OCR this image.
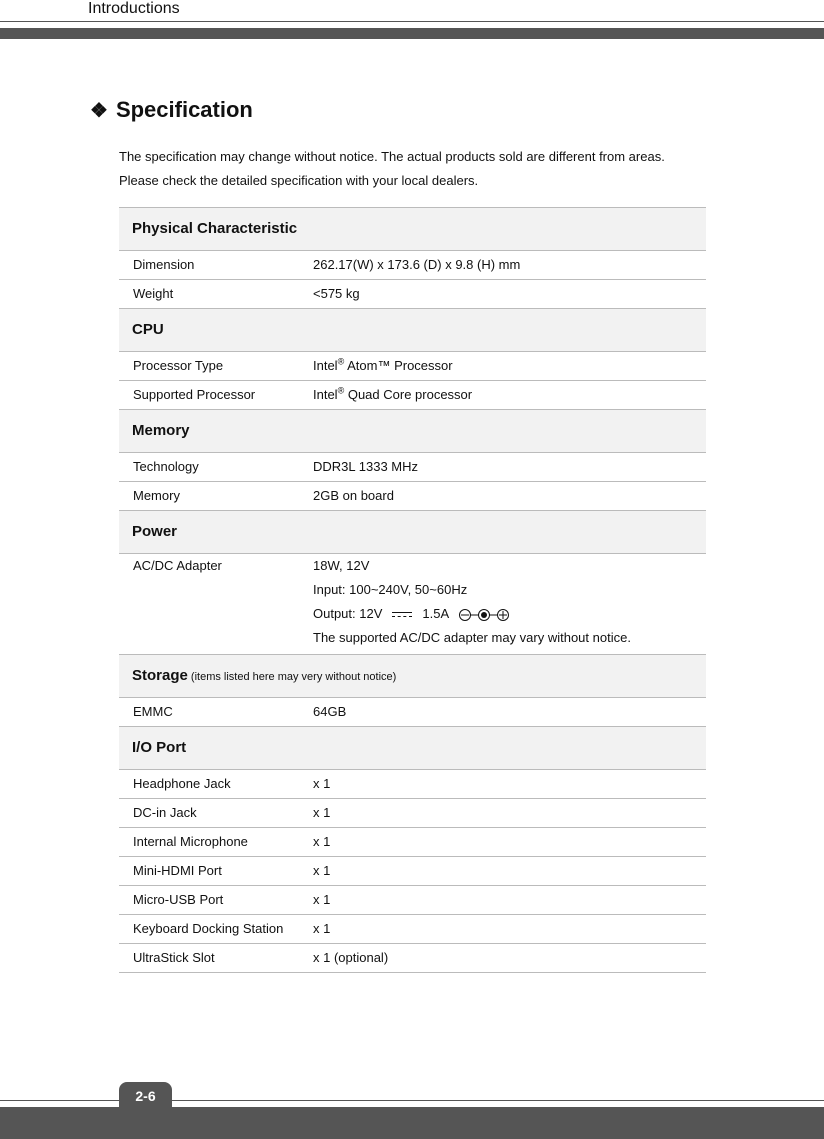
Introductions
❖ Specification
The specification may change without notice. The actual products sold are different from areas.
Please check the detailed specification with your local dealers.
Physical Characteristic
Dimension	262.17(W) x 173.6 (D) x 9.8 (H) mm
Weight	<575 kg
CPU
Processor Type	Intel® Atom™ Processor
Supported Processor	Intel® Quad Core processor
Memory
Technology	DDR3L 1333 MHz
Memory	2GB on board
Power
AC/DC Adapter	18W, 12V
Input: 100~240V, 50~60Hz
Output: 12V	1.5A
The supported AC/DC adapter may vary without notice.
Storage (items listed here may very without notice)
EMMC	64GB
I/O Port
Headphone Jack	x 1
DC-in Jack	x 1
Internal Microphone	x 1
Mini-HDMI Port	x 1
Micro-USB Port	x 1
Keyboard Docking Station	x 1
UltraStick Slot	x 1 (optional)
2-6
